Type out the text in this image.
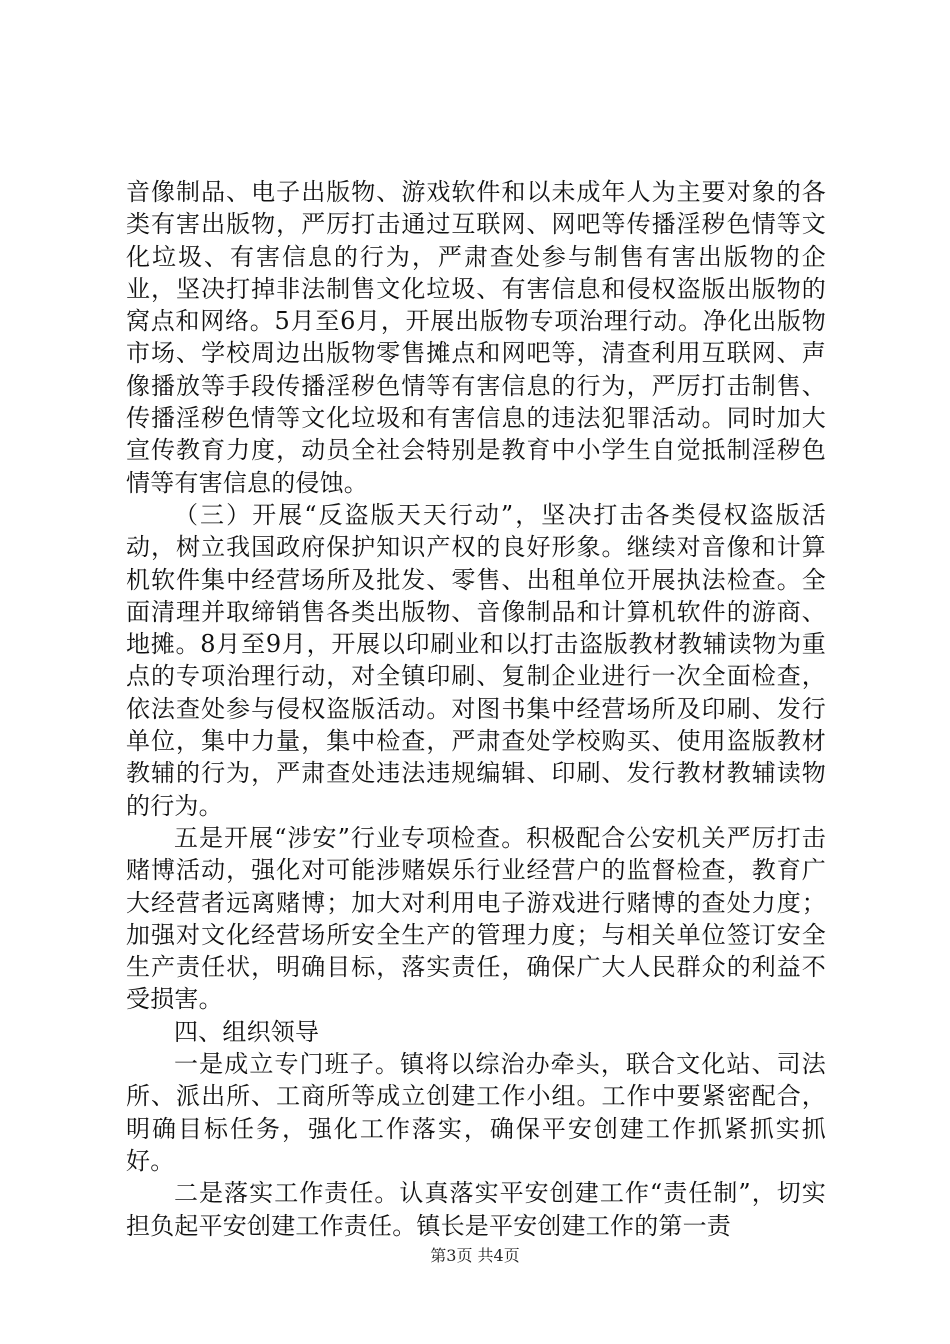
音像制品、电子出版物、游戏软件和以未成年人为主要对象的各类有害出版物，严厉打击通过互联网、网吧等传播淫秽色情等文化垃圾、有害信息的行为，严肃查处参与制售有害出版物的企业，坚决打掉非法制售文化垃圾、有害信息和侵权盗版出版物的窝点和网络。5月至6月，开展出版物专项治理行动。净化出版物市场、学校周边出版物零售摊点和网吧等，清查利用互联网、声像播放等手段传播淫秽色情等有害信息的行为，严厉打击制售、传播淫秽色情等文化垃圾和有害信息的违法犯罪活动。同时加大宣传教育力度，动员全社会特别是教育中小学生自觉抵制淫秽色情等有害信息的侵蚀。

（三）开展“反盗版天天行动”，坚决打击各类侵权盗版活动，树立我国政府保护知识产权的良好形象。继续对音像和计算机软件集中经营场所及批发、零售、出租单位开展执法检查。全面清理并取缔销售各类出版物、音像制品和计算机软件的游商、地摊。8月至9月，开展以印刷业和以打击盗版教材教辅读物为重点的专项治理行动，对全镇印刷、复制企业进行一次全面检查，依法查处参与侵权盗版活动。对图书集中经营场所及印刷、发行单位，集中力量，集中检查，严肃查处学校购买、使用盗版教材教辅的行为，严肃查处违法违规编辑、印刷、发行教材教辅读物的行为。

五是开展“涉安”行业专项检查。积极配合公安机关严厉打击赌博活动，强化对可能涉赌娱乐行业经营户的监督检查，教育广大经营者远离赌博；加大对利用电子游戏进行赌博的查处力度；加强对文化经营场所安全生产的管理力度；与相关单位签订安全生产责任状，明确目标，落实责任，确保广大人民群众的利益不受损害。

四、组织领导

一是成立专门班子。镇将以综治办牵头，联合文化站、司法所、派出所、工商所等成立创建工作小组。工作中要紧密配合，明确目标任务，强化工作落实，确保平安创建工作抓紧抓实抓好。

二是落实工作责任。认真落实平安创建工作“责任制”，切实担负起平安创建工作责任。镇长是平安创建工作的第一责

第3页 共4页
